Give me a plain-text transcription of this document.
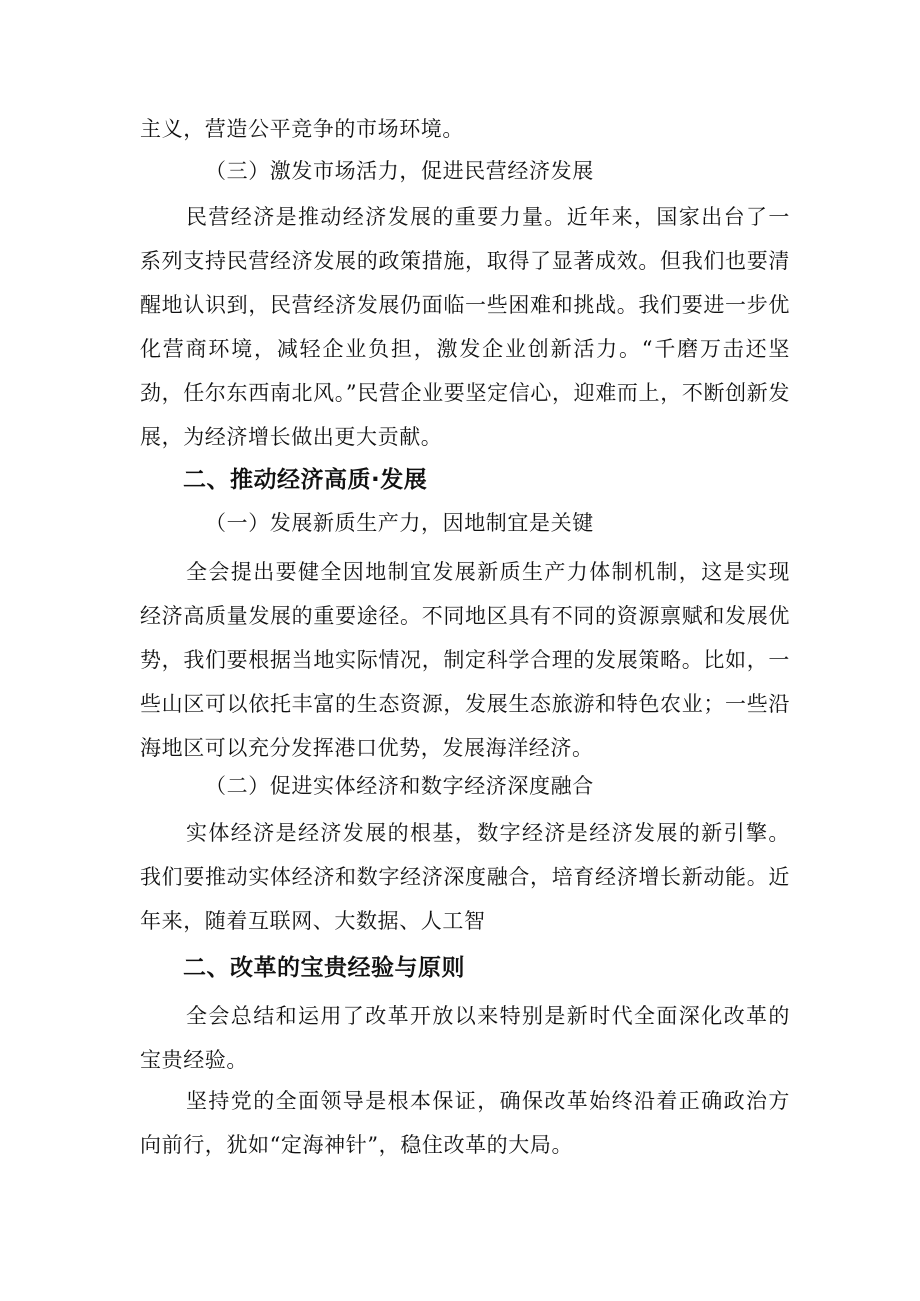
主义，营造公平竞争的市场环境。

（三）激发市场活力，促进民营经济发展

民营经济是推动经济发展的重要力量。近年来，国家出台了一系列支持民营经济发展的政策措施，取得了显著成效。但我们也要清醒地认识到，民营经济发展仍面临一些困难和挑战。我们要进一步优化营商环境，减轻企业负担，激发企业创新活力。“千磨万击还坚劲，任尔东西南北风。”民营企业要坚定信心，迎难而上，不断创新发展，为经济增长做出更大贡献。

二、推动经济高质·发展

（一）发展新质生产力，因地制宜是关键

全会提出要健全因地制宜发展新质生产力体制机制，这是实现经济高质量发展的重要途径。不同地区具有不同的资源禀赋和发展优势，我们要根据当地实际情况，制定科学合理的发展策略。比如，一些山区可以依托丰富的生态资源，发展生态旅游和特色农业；一些沿海地区可以充分发挥港口优势，发展海洋经济。

（二）促进实体经济和数字经济深度融合

实体经济是经济发展的根基，数字经济是经济发展的新引擎。我们要推动实体经济和数字经济深度融合，培育经济增长新动能。近年来，随着互联网、大数据、人工智

二、改革的宝贵经验与原则

全会总结和运用了改革开放以来特别是新时代全面深化改革的宝贵经验。

坚持党的全面领导是根本保证，确保改革始终沿着正确政治方向前行，犹如“定海神针”，稳住改革的大局。
